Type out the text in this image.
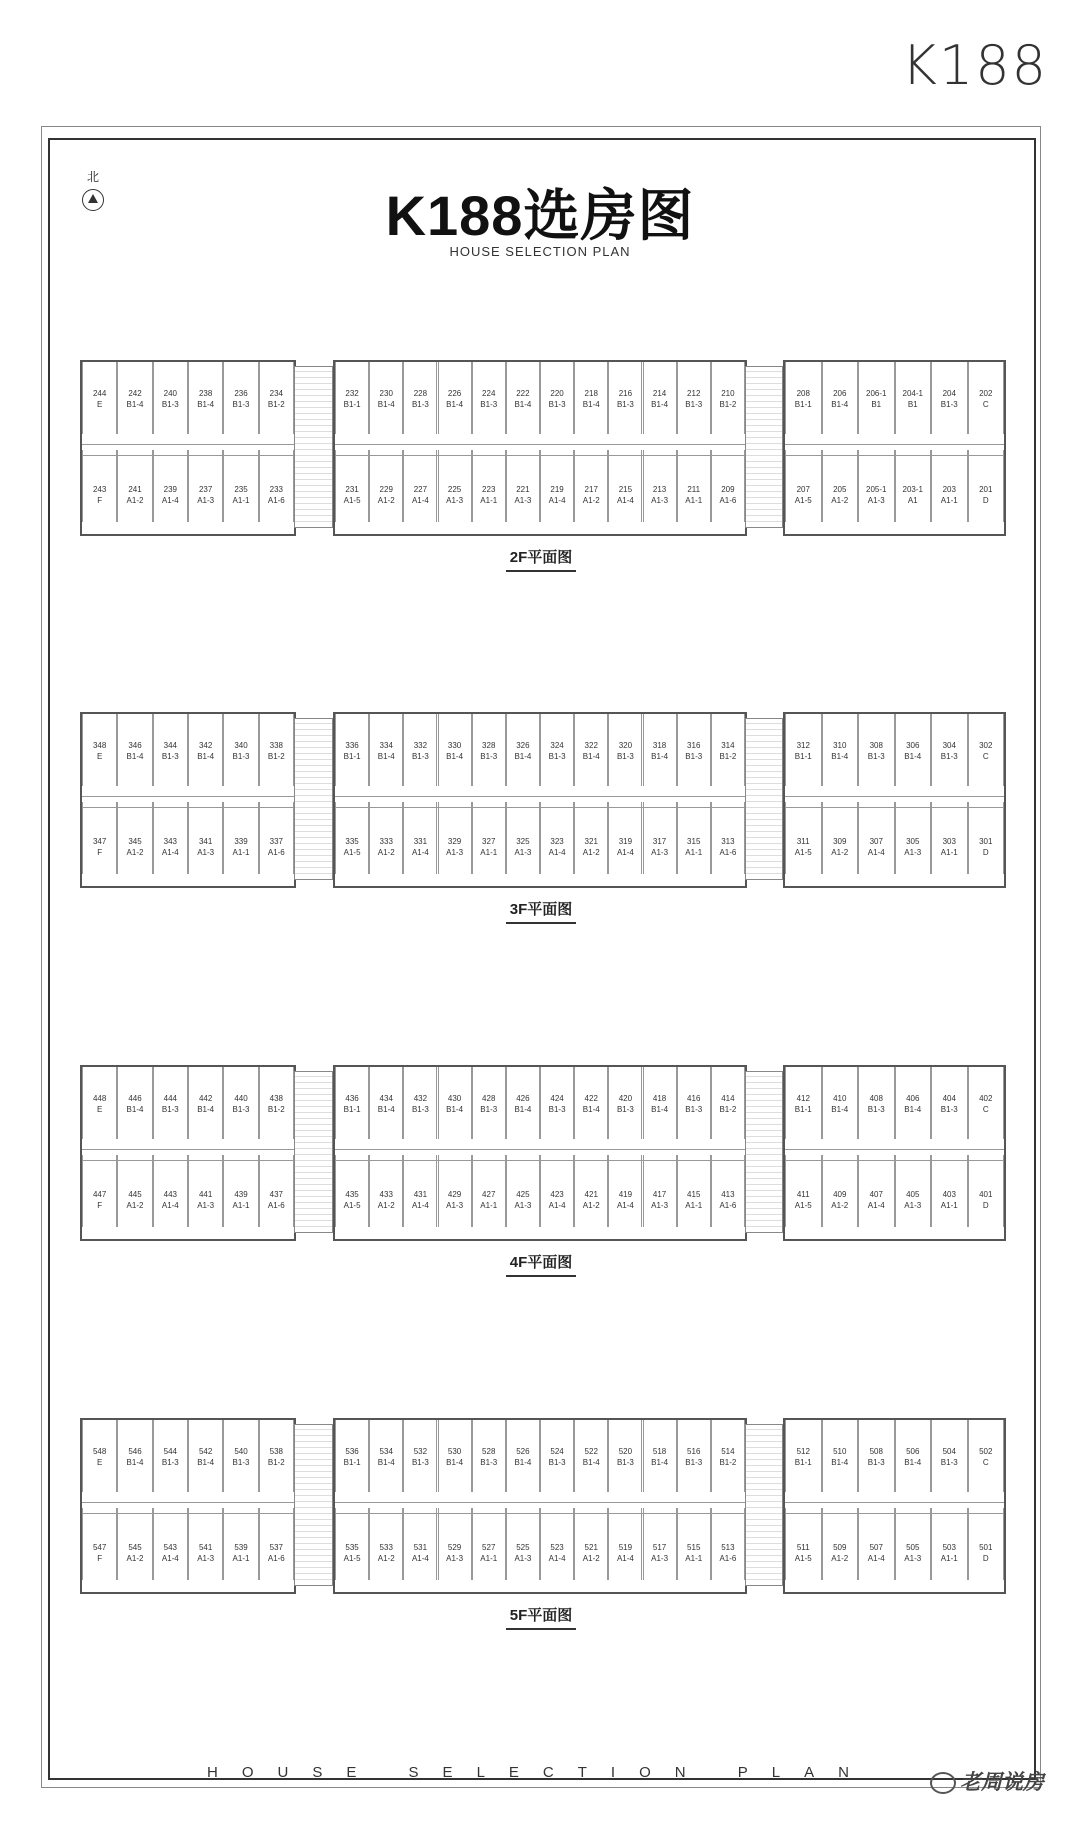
K188
北
K188选房图
HOUSE SELECTION PLAN
244
E
242
B1-4
240
B1-3
238
B1-4
236
B1-3
234
B1-2
243
F
241
A1-2
239
A1-4
237
A1-3
235
A1-1
233
A1-6
232
B1-1
230
B1-4
228
B1-3
226
B1-4
224
B1-3
222
B1-4
220
B1-3
218
B1-4
216
B1-3
214
B1-4
212
B1-3
210
B1-2
231
A1-5
229
A1-2
227
A1-4
225
A1-3
223
A1-1
221
A1-3
219
A1-4
217
A1-2
215
A1-4
213
A1-3
211
A1-1
209
A1-6
208
B1-1
206
B1-4
206-1
B1
204-1
B1
204
B1-3
202
C
207
A1-5
205
A1-2
205-1
A1-3
203-1
A1
203
A1-1
201
D
2F平面图
348
E
346
B1-4
344
B1-3
342
B1-4
340
B1-3
338
B1-2
347
F
345
A1-2
343
A1-4
341
A1-3
339
A1-1
337
A1-6
336
B1-1
334
B1-4
332
B1-3
330
B1-4
328
B1-3
326
B1-4
324
B1-3
322
B1-4
320
B1-3
318
B1-4
316
B1-3
314
B1-2
335
A1-5
333
A1-2
331
A1-4
329
A1-3
327
A1-1
325
A1-3
323
A1-4
321
A1-2
319
A1-4
317
A1-3
315
A1-1
313
A1-6
312
B1-1
310
B1-4
308
B1-3
306
B1-4
304
B1-3
302
C
311
A1-5
309
A1-2
307
A1-4
305
A1-3
303
A1-1
301
D
3F平面图
448
E
446
B1-4
444
B1-3
442
B1-4
440
B1-3
438
B1-2
447
F
445
A1-2
443
A1-4
441
A1-3
439
A1-1
437
A1-6
436
B1-1
434
B1-4
432
B1-3
430
B1-4
428
B1-3
426
B1-4
424
B1-3
422
B1-4
420
B1-3
418
B1-4
416
B1-3
414
B1-2
435
A1-5
433
A1-2
431
A1-4
429
A1-3
427
A1-1
425
A1-3
423
A1-4
421
A1-2
419
A1-4
417
A1-3
415
A1-1
413
A1-6
412
B1-1
410
B1-4
408
B1-3
406
B1-4
404
B1-3
402
C
411
A1-5
409
A1-2
407
A1-4
405
A1-3
403
A1-1
401
D
4F平面图
548
E
546
B1-4
544
B1-3
542
B1-4
540
B1-3
538
B1-2
547
F
545
A1-2
543
A1-4
541
A1-3
539
A1-1
537
A1-6
536
B1-1
534
B1-4
532
B1-3
530
B1-4
528
B1-3
526
B1-4
524
B1-3
522
B1-4
520
B1-3
518
B1-4
516
B1-3
514
B1-2
535
A1-5
533
A1-2
531
A1-4
529
A1-3
527
A1-1
525
A1-3
523
A1-4
521
A1-2
519
A1-4
517
A1-3
515
A1-1
513
A1-6
512
B1-1
510
B1-4
508
B1-3
506
B1-4
504
B1-3
502
C
511
A1-5
509
A1-2
507
A1-4
505
A1-3
503
A1-1
501
D
5F平面图
HOUSE SELECTION PLAN	老周说房
